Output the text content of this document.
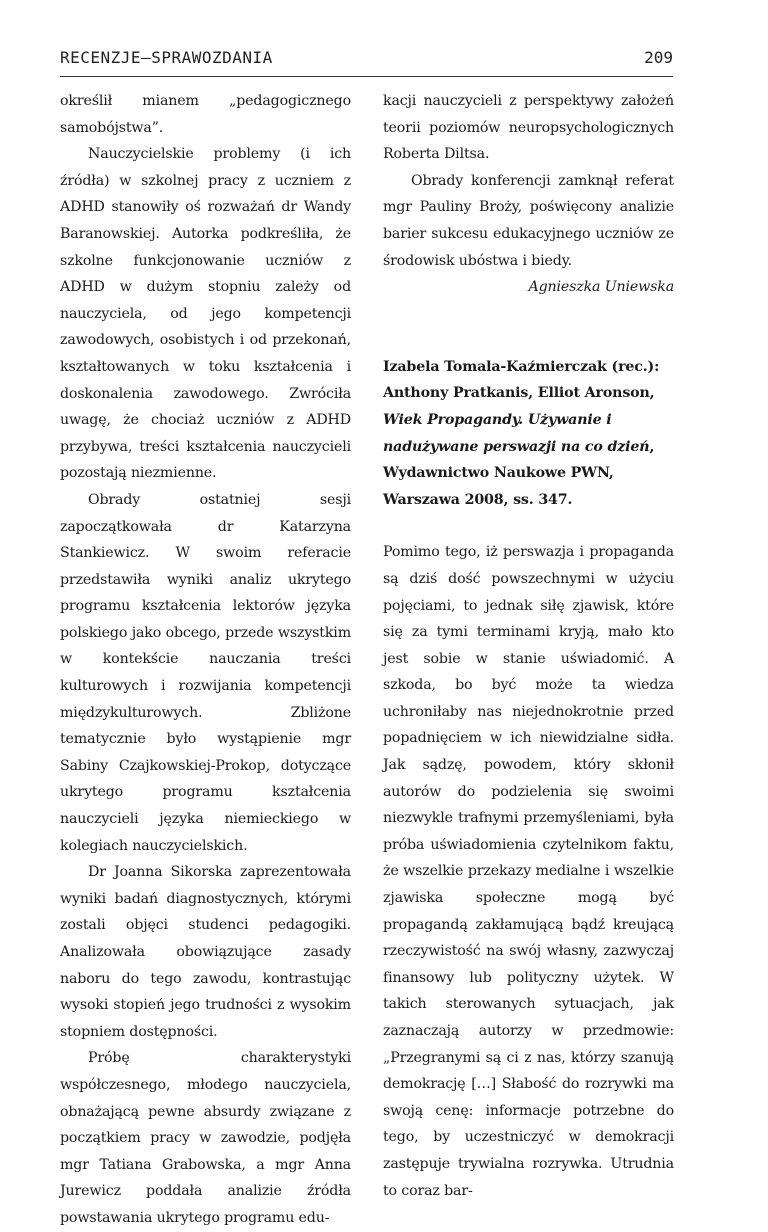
RECENZJE–SPRAWOZDANIA	209

określił mianem „pedagogicznego samobójstwa”.

Nauczycielskie problemy (i ich źródła) w szkolnej pracy z uczniem z ADHD stanowiły oś rozważań dr Wandy Baranowskiej. Autorka podkreśliła, że szkolne funkcjonowanie uczniów z ADHD w dużym stopniu zależy od nauczyciela, od jego kompetencji zawodowych, osobistych i od przekonań, kształtowanych w toku kształcenia i doskonalenia zawodowego. Zwróciła uwagę, że chociaż uczniów z ADHD przybywa, treści kształcenia nauczycieli pozostają niezmienne.

Obrady ostatniej sesji zapoczątkowała dr Katarzyna Stankiewicz. W swoim referacie przedstawiła wyniki analiz ukrytego programu kształcenia lektorów języka polskiego jako obcego, przede wszystkim w kontekście nauczania treści kulturowych i rozwijania kompetencji międzykulturowych. Zbliżone tematycznie było wystąpienie mgr Sabiny Czajkowskiej-Prokop, dotyczące ukrytego programu kształcenia nauczycieli języka niemieckiego w kolegiach nauczycielskich.

Dr Joanna Sikorska zaprezentowała wyniki badań diagnostycznych, którymi zostali objęci studenci pedagogiki. Analizowała obowiązujące zasady naboru do tego zawodu, kontrastując wysoki stopień jego trudności z wysokim stopniem dostępności.

Próbę charakterystyki współczesnego, młodego nauczyciela, obnażającą pewne absurdy związane z początkiem pracy w zawodzie, podjęła mgr Tatiana Grabowska, a mgr Anna Jurewicz poddała analizie źródła powstawania ukrytego programu edu-

kacji nauczycieli z perspektywy założeń teorii poziomów neuropsychologicznych Roberta Diltsa.

Obrady konferencji zamknął referat mgr Pauliny Broży, poświęcony analizie barier sukcesu edukacyjnego uczniów ze środowisk ubóstwa i biedy.

Agnieszka Uniewska

Izabela Tomala-Kaźmierczak (rec.): Anthony Pratkanis, Elliot Aronson, Wiek Propagandy. Używanie i nadużywane perswazji na co dzień, Wydawnictwo Naukowe PWN, Warszawa 2008, ss. 347.

Pomimo tego, iż perswazja i propaganda są dziś dość powszechnymi w użyciu pojęciami, to jednak siłę zjawisk, które się za tymi terminami kryją, mało kto jest sobie w stanie uświadomić. A szkoda, bo być może ta wiedza uchroniłaby nas niejednokrotnie przed popadnięciem w ich niewidzialne sidła. Jak sądzę, powodem, który skłonił autorów do podzielenia się swoimi niezwykle trafnymi przemyśleniami, była próba uświadomienia czytelnikom faktu, że wszelkie przekazy medialne i wszelkie zjawiska społeczne mogą być propagandą zakłamującą bądź kreującą rzeczywistość na swój własny, zazwyczaj finansowy lub polityczny użytek. W takich sterowanych sytuacjach, jak zaznaczają autorzy w przedmowie: „Przegranymi są ci z nas, którzy szanują demokrację […] Słabość do rozrywki ma swoją cenę: informacje potrzebne do tego, by uczestniczyć w demokracji zastępuje trywialna rozrywka. Utrudnia to coraz bar-
